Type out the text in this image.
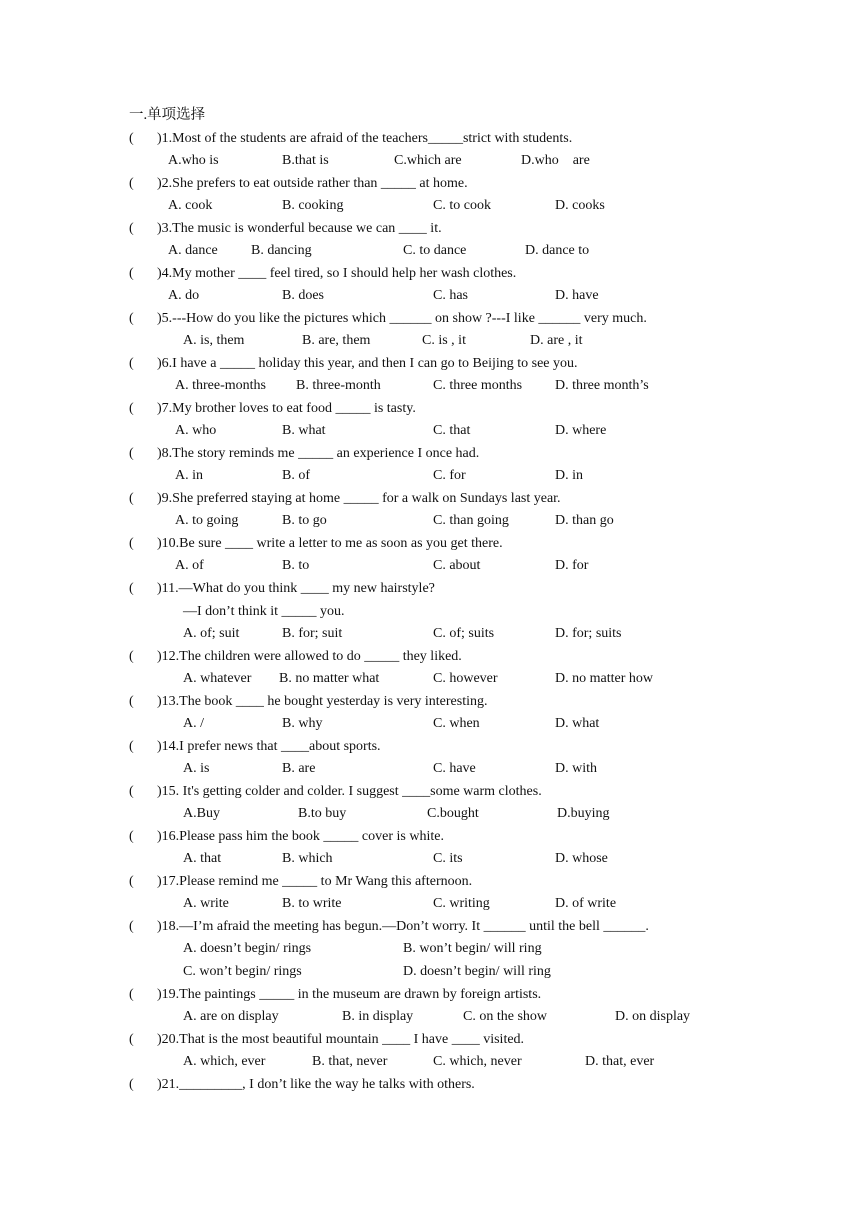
一.单项选择
( )1.Most of the students are afraid of the teachers_____strict with students.
A.who is	B.that is	C.which are	D.who    are
( )2.She prefers to eat outside rather than _____ at home.
A. cook	B. cooking	C. to cook	D. cooks
( )3.The music is wonderful because we can ____ it.
A. dance B. dancing	C. to dance	D. dance to
( )4.My mother ____ feel tired, so I should help her wash clothes.
A. do	B. does	C. has	D. have
( )5.---How do you like the pictures which ______ on show ?---I like ______ very much.
A. is, them	B. are, them	C. is , it	D. are , it
( )6.I have a _____ holiday this year, and then I can go to Beijing to see you.
A. three-months B. three-month	C. three months D. three month’s
( )7.My brother loves to eat food _____ is tasty.
A. who	B. what	C. that	D. where
( )8.The story reminds me _____ an experience I once had.
A. in	B. of	C. for	D. in
( )9.She preferred staying at home _____ for a walk on Sundays last year.
A. to going	B. to go	C. than going	D. than go
( )10.Be sure ____ write a letter to me as soon as you get there.
A. of	B. to	C. about	D. for
( )11.—What do you think ____ my new hairstyle?
—I don’t think it _____ you.
A. of; suit	B. for; suit	C. of; suits	D. for; suits
( )12.The children were allowed to do _____ they liked.
A. whatever B. no matter what	C. however	D. no matter how
( )13.The book ____ he bought yesterday is very interesting.
A. /	B. why	C. when	D. what
( )14.I prefer news that ____about sports.
A. is	B. are	C. have	D. with
( )15. It's getting colder and colder. I suggest ____some warm clothes.
A.Buy	B.to buy	C.bought	D.buying
( )16.Please pass him the book _____ cover is white.
A. that	B. which	C. its	D. whose
( )17.Please remind me _____ to Mr Wang this afternoon.
A. write	B. to write	C. writing	D. of write
( )18.—I’m afraid the meeting has begun.—Don’t worry. It ______ until the bell ______.
A. doesn’t begin/ rings	B. won’t begin/ will ring
C. won’t begin/ rings	D. doesn’t begin/ will ring
( )19.The paintings _____ in the museum are drawn by foreign artists.
A. are on display	B. in display	C. on the show	D. on display
( )20.That is the most beautiful mountain ____ I have ____ visited.
A. which, ever	B. that, never	C. which, never	D. that, ever
( )21._________, I don’t like the way he talks with others.
